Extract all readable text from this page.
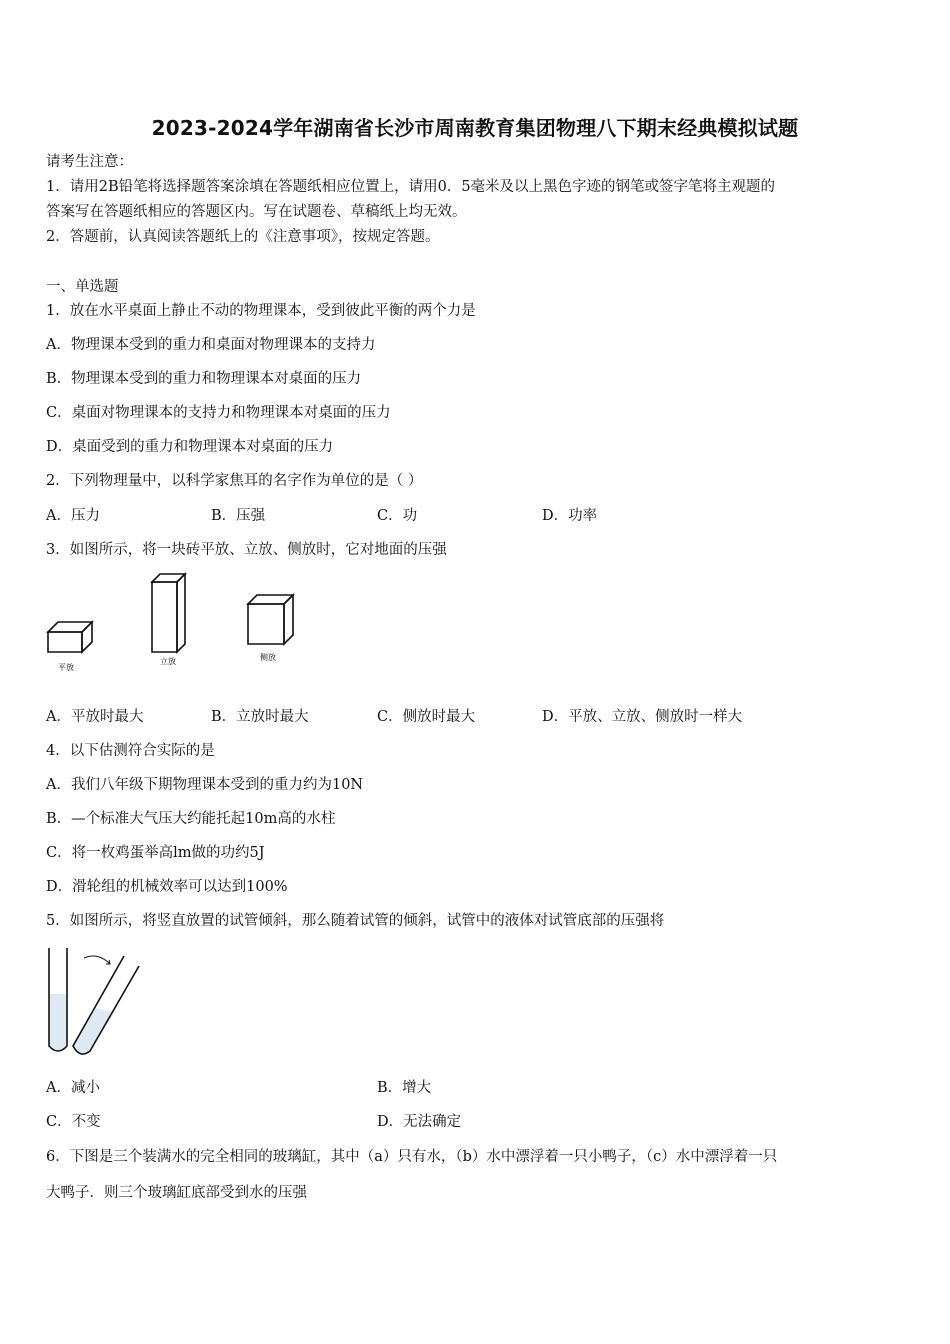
2023-2024学年湖南省长沙市周南教育集团物理八下期末经典模拟试题
请考生注意：
1．请用2B铅笔将选择题答案涂填在答题纸相应位置上，请用0．5毫米及以上黑色字迹的钢笔或签字笔将主观题的
答案写在答题纸相应的答题区内。写在试题卷、草稿纸上均无效。
2．答题前，认真阅读答题纸上的《注意事项》，按规定答题。
一、单选题
1．放在水平桌面上静止不动的物理课本，受到彼此平衡的两个力是
A．物理课本受到的重力和桌面对物理课本的支持力
B．物理课本受到的重力和物理课本对桌面的压力
C．桌面对物理课本的支持力和物理课本对桌面的压力
D．桌面受到的重力和物理课本对桌面的压力
2．下列物理量中，以科学家焦耳的名字作为单位的是（ ）
A．压力	B．压强	C．功	D．功率
3．如图所示，将一块砖平放、立放、侧放时，它对地面的压强
平放
立放	侧放
A．平放时最大	B．立放时最大	C．侧放时最大	D．平放、立放、侧放时一样大
4．以下估测符合实际的是
A．我们八年级下期物理课本受到的重力约为10N
B．—个标准大气压大约能托起10m高的水柱
C．将一枚鸡蛋举高lm做的功约5J
D．滑轮组的机械效率可以达到100%
5．如图所示，将竖直放置的试管倾斜，那么随着试管的倾斜，试管中的液体对试管底部的压强将
A．减小	B．增大
C．不变	D．无法确定
6．下图是三个装满水的完全相同的玻璃缸，其中（a）只有水，（b）水中漂浮着一只小鸭子，（c）水中漂浮着一只
大鸭子．则三个玻璃缸底部受到水的压强
